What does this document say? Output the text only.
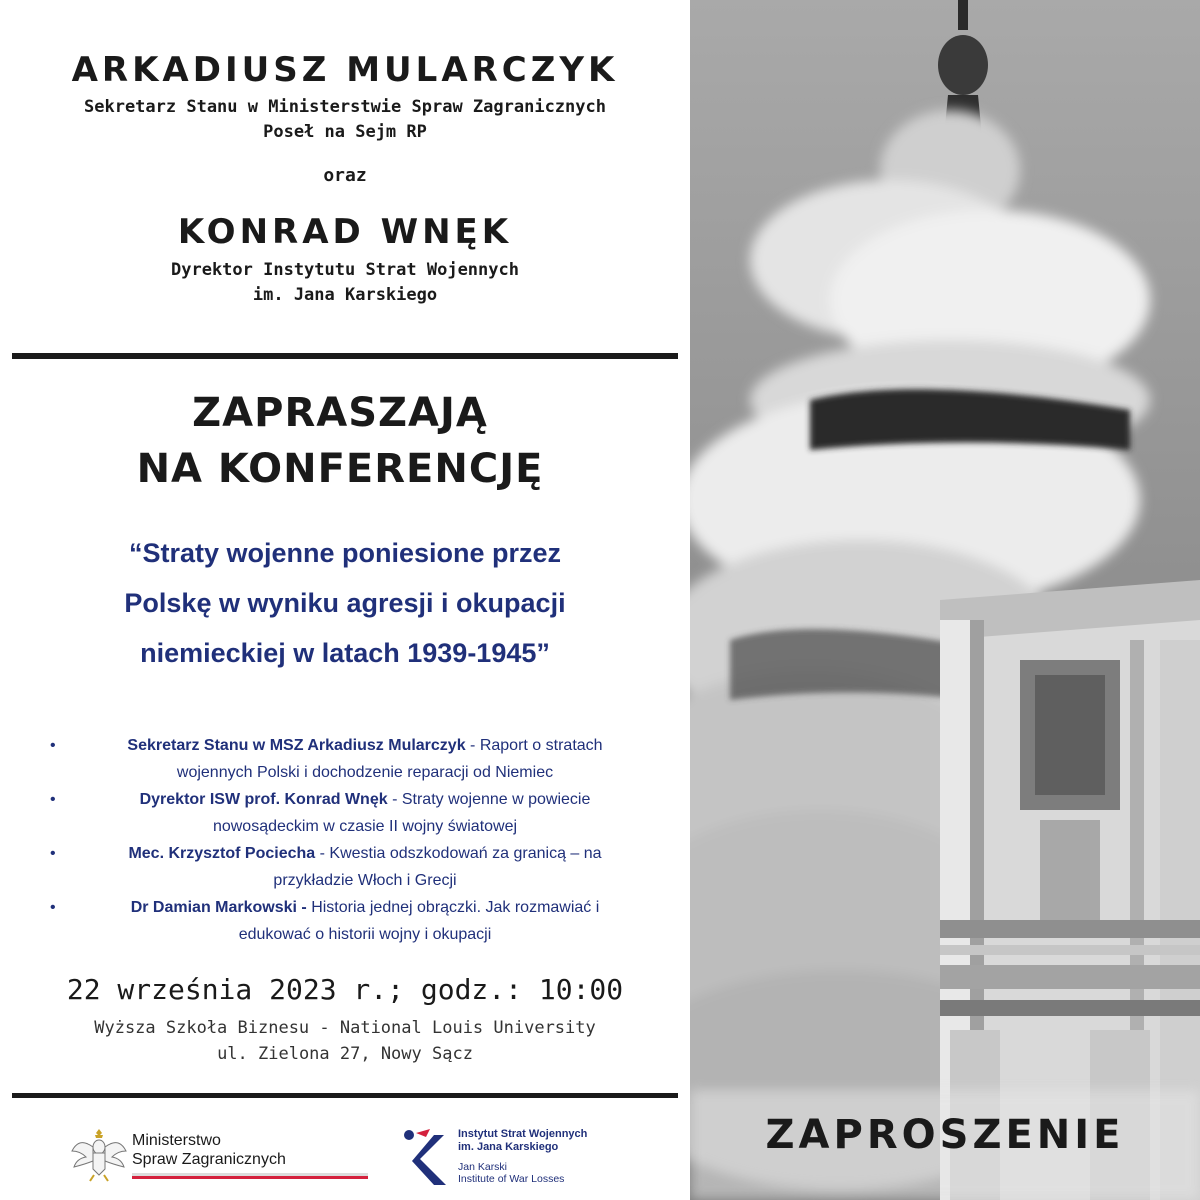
ARKADIUSZ MULARCZYK
Sekretarz Stanu w Ministerstwie Spraw Zagranicznych
Poseł na Sejm RP
oraz
KONRAD WNĘK
Dyrektor Instytutu Strat Wojennych
im. Jana Karskiego
ZAPRASZAJĄ
NA KONFERENCJĘ
“Straty wojenne poniesione przez
Polskę w wyniku agresji i okupacji
niemieckiej w latach 1939-1945”
•	Sekretarz Stanu w MSZ Arkadiusz Mularczyk - Raport o stratach
wojennych Polski i dochodzenie reparacji od Niemiec
•	Dyrektor ISW prof. Konrad Wnęk - Straty wojenne w powiecie
nowosądeckim w czasie II wojny światowej
•	Mec. Krzysztof Pociecha - Kwestia odszkodowań za granicą – na
przykładzie Włoch i Grecji
•	Dr Damian Markowski - Historia jednej obrączki. Jak rozmawiać i
edukować o historii wojny i okupacji
22 września 2023 r.; godz.: 10:00
Wyższa Szkoła Biznesu - National Louis University
ul. Zielona 27, Nowy Sącz
Ministerstwo
Spraw Zagranicznych
Instytut Strat Wojennych
im. Jana Karskiego
Jan Karski
Institute of War Losses
ZAPROSZENIE
